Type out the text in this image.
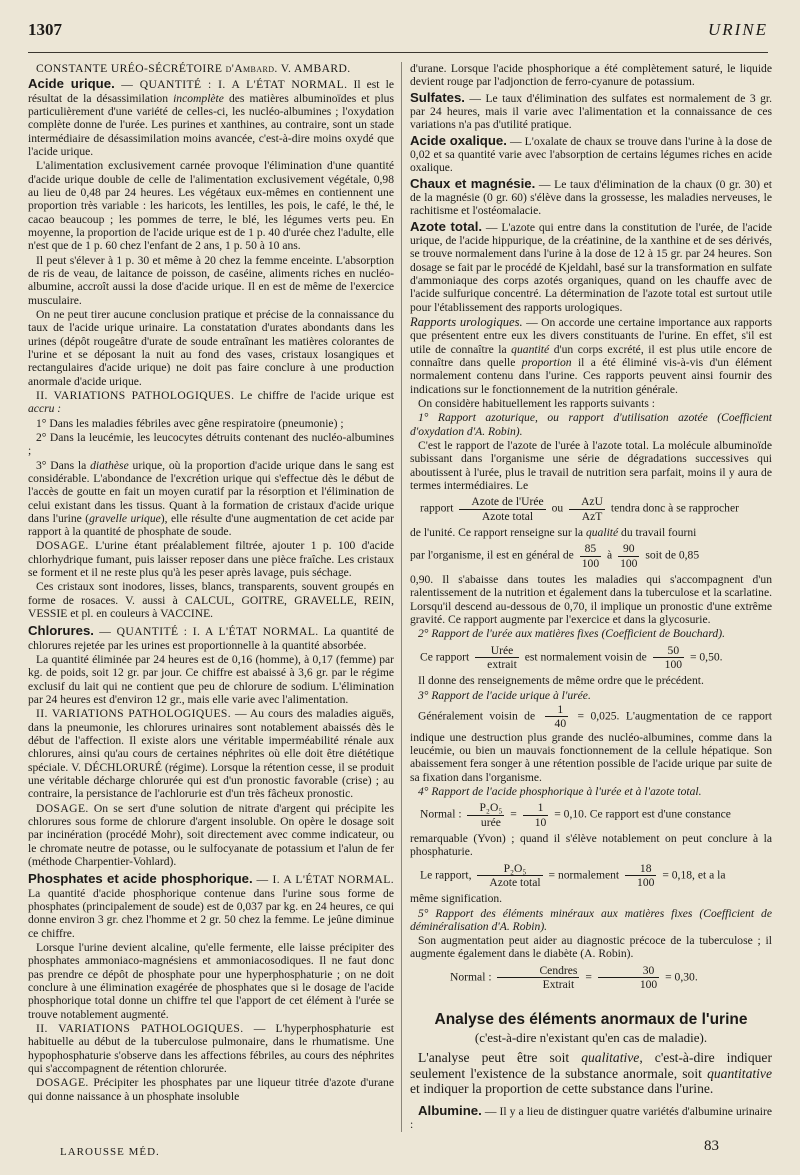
1307	URINE

CONSTANTE URÉO-SÉCRÉTOIRE d'Ambard. V. AMBARD.

Acide urique. — QUANTITÉ : I. A L'ÉTAT NORMAL. Il est le résultat de la désassimilation incomplète des matières albuminoïdes et plus particulièrement d'une variété de celles-ci, les nucléo-albumines ; l'oxydation complète donne de l'urée. Les purines et xanthines, au contraire, sont un stade intermédiaire de désassimilation moins avancée, c'est-à-dire moins oxydé que l'acide urique.

L'alimentation exclusivement carnée provoque l'élimination d'une quantité d'acide urique double de celle de l'alimentation exclusivement végétale, 0,98 au lieu de 0,48 par 24 heures. Les végétaux eux-mêmes en contiennent une proportion très variable : les haricots, les lentilles, les pois, le café, le thé, le cacao beaucoup ; les pommes de terre, le blé, les légumes verts peu. En moyenne, la proportion de l'acide urique est de 1 p. 40 d'urée chez l'adulte, elle n'est que de 1 p. 60 chez l'enfant de 2 ans, 1 p. 50 à 10 ans.

Il peut s'élever à 1 p. 30 et même à 20 chez la femme enceinte. L'absorption de ris de veau, de laitance de poisson, de caséine, aliments riches en nucléo-albumine, accroît aussi la dose d'acide urique. Il en est de même de l'exercice musculaire.

On ne peut tirer aucune conclusion pratique et précise de la connaissance du taux de l'acide urique urinaire. La constatation d'urates abondants dans les urines (dépôt rougeâtre d'urate de soude entraînant les matières colorantes de l'urine et se déposant la nuit au fond des vases, cristaux losangiques et rectangulaires d'acide urique) ne doit pas faire conclure à une production anormale d'acide urique.

II. VARIATIONS PATHOLOGIQUES. Le chiffre de l'acide urique est accru :

1° Dans les maladies fébriles avec gêne respiratoire (pneumonie) ;

2° Dans la leucémie, les leucocytes détruits contenant des nucléo-albumines ;

3° Dans la diathèse urique, où la proportion d'acide urique dans le sang est considérable. L'abondance de l'excrétion urique qui s'effectue dès le début de l'accès de goutte en fait un moyen curatif par la résorption et l'élimination de celui existant dans les tissus. Quant à la formation de cristaux d'acide urique dans l'urine (gravelle urique), elle résulte d'une augmentation de cet acide par rapport à la quantité de phosphate de soude.

DOSAGE. L'urine étant préalablement filtrée, ajouter 1 p. 100 d'acide chlorhydrique fumant, puis laisser reposer dans une pièce fraîche. Les cristaux se forment et il ne reste plus qu'à les peser après lavage, puis séchage.

Ces cristaux sont inodores, lisses, blancs, transparents, souvent groupés en forme de rosaces. V. aussi à CALCUL, GOITRE, GRAVELLE, REIN, VESSIE et pl. en couleurs à VACCINE.

Chlorures. — QUANTITÉ : I. A L'ÉTAT NORMAL. La quantité de chlorures rejetée par les urines est proportionnelle à la quantité absorbée.

La quantité éliminée par 24 heures est de 0,16 (homme), à 0,17 (femme) par kg. de poids, soit 12 gr. par jour. Ce chiffre est abaissé à 3,6 gr. par le régime exclusif du lait qui ne contient que peu de chlorure de sodium. L'élimination par 24 heures est d'environ 12 gr., mais elle varie avec l'alimentation.

II. VARIATIONS PATHOLOGIQUES. — Au cours des maladies aiguës, dans la pneumonie, les chlorures urinaires sont notablement abaissés dès le début de l'affection. Il existe alors une véritable imperméabilité rénale aux chlorures, ainsi qu'au cours de certaines néphrites où elle doit être diététique spéciale. V. DÉCHLORURÉ (régime). Lorsque la rétention cesse, il se produit une véritable décharge chlorurée qui est d'un pronostic favorable (crise) ; au contraire, la persistance de l'achlorurie est d'un très fâcheux pronostic.

DOSAGE. On se sert d'une solution de nitrate d'argent qui précipite les chlorures sous forme de chlorure d'argent insoluble. On opère le dosage soit par incinération (procédé Mohr), soit directement avec comme indicateur, ou le chromate neutre de potasse, ou le sulfocyanate de potassium et l'alun de fer (méthode Charpentier-Vohlard).

Phosphates et acide phosphorique. — I. A L'ÉTAT NORMAL. La quantité d'acide phosphorique contenue dans l'urine sous forme de phosphates (principalement de soude) est de 0,037 par kg. en 24 heures, ce qui donne environ 3 gr. chez l'homme et 2 gr. 50 chez la femme. Le jeûne diminue ce chiffre.

Lorsque l'urine devient alcaline, qu'elle fermente, elle laisse précipiter des phosphates ammoniaco-magnésiens et ammoniacosodiques. Il ne faut donc pas prendre ce dépôt de phosphate pour une hyperphosphaturie ; on ne doit conclure à une élimination exagérée de phosphates que si le dosage de l'acide phosphorique total donne un chiffre tel que l'apport de cet élément à l'urée se trouve notablement augmenté.

II. VARIATIONS PATHOLOGIQUES. — L'hyperphosphaturie est habituelle au début de la tuberculose pulmonaire, dans le rhumatisme. Une hypophosphaturie s'observe dans les affections fébriles, au cours des néphrites qui s'accompagnent de rétention chlorurée.

DOSAGE. Précipiter les phosphates par une liqueur titrée d'azote d'urane qui donne naissance à un phosphate insoluble

d'urane. Lorsque l'acide phosphorique a été complètement saturé, le liquide devient rouge par l'adjonction de ferro-cyanure de potassium.

Sulfates. — Le taux d'élimination des sulfates est normalement de 3 gr. par 24 heures, mais il varie avec l'alimentation et la connaissance de ces variations n'a pas d'utilité pratique.

Acide oxalique. — L'oxalate de chaux se trouve dans l'urine à la dose de 0,02 et sa quantité varie avec l'absorption de certains légumes riches en acide oxalique.

Chaux et magnésie. — Le taux d'élimination de la chaux (0 gr. 30) et de la magnésie (0 gr. 60) s'élève dans la grossesse, les maladies nerveuses, le rachitisme et l'ostéomalacie.

Azote total. — L'azote qui entre dans la constitution de l'urée, de l'acide urique, de l'acide hippurique, de la créatinine, de la xanthine et de ses dérivés, se trouve normalement dans l'urine à la dose de 12 à 15 gr. par 24 heures. Son dosage se fait par le procédé de Kjeldahl, basé sur la transformation en sulfate d'ammoniaque des corps azotés organiques, quand on les chauffe avec de l'acide sulfurique concentré. La détermination de l'azote total est surtout utile pour l'établissement des rapports urologiques.

Rapports urologiques. — On accorde une certaine importance aux rapports que présentent entre eux les divers constituants de l'urine. En effet, s'il est utile de connaître la quantité d'un corps excrété, il est plus utile encore de connaître dans quelle proportion il a été éliminé vis-à-vis d'un élément normalement contenu dans l'urine. Ces rapports peuvent ainsi fournir des indications sur le fonctionnement de la nutrition générale.

On considère habituellement les rapports suivants :

1° Rapport azoturique, ou rapport d'utilisation azotée (Coefficient d'oxydation d'A. Robin).

C'est le rapport de l'azote de l'urée à l'azote total. La molécule albuminoïde subissant dans l'organisme une série de dégradations successives qui aboutissent à l'urée, plus le travail de nutrition sera parfait, moins il y aura de termes intermédiaires. Le

rapport $\frac{\text{Azote de l'Urée}}{\text{Azote total}}$ ou $\frac{\text{AzU}}{\text{AzT}}$ tendra donc à se rapprocher

de l'unité. Ce rapport renseigne sur la qualité du travail fourni

par l'organisme, il est en général de $\frac{85}{100}$ à $\frac{90}{100}$ soit de 0,85

0,90. Il s'abaisse dans toutes les maladies qui s'accompagnent d'un ralentissement de la nutrition et également dans la tuberculose et la scarlatine. Lorsqu'il descend au-dessous de 0,70, il implique un pronostic d'une extrême gravité. Ce rapport augmente par l'exercice et dans la glycosurie.

2° Rapport de l'urée aux matières fixes (Coefficient de Bouchard).

Ce rapport $\frac{\text{Urée}}{\text{extrait}}$ est normalement voisin de $\frac{50}{100} = 0,50$.

Il donne des renseignements de même ordre que le précédent.

3° Rapport de l'acide urique à l'urée.

Généralement voisin de $\frac{1}{40} = 0,025$. L'augmentation de ce rapport indique une destruction plus grande des nucléo-albumines, comme dans la leucémie, ou bien un mauvais fonctionnement de la cellule hépatique. Son abaissement fera songer à une rétention possible de l'acide urique par suite de sa fixation dans l'organisme.

4° Rapport de l'acide phosphorique à l'urée et à l'azote total.

Normal : $\frac{\text{P₂O₅}}{\text{urée}} = \frac{1}{10} = 0,10$. Ce rapport est d'une constance

remarquable (Yvon) ; quand il s'élève notablement on peut conclure à la phosphaturie.

Le rapport, $\frac{\text{P₂O₅}}{\text{Azote total}}$ = normalement $\frac{18}{100} = 0,18$, et a la

même signification.

5° Rapport des éléments minéraux aux matières fixes (Coefficient de déminéralisation d'A. Robin).

Son augmentation peut aider au diagnostic précoce de la tuberculose ; il augmente également dans le diabète (A. Robin).

Normal : $\frac{\text{Cendres}}{\text{Extrait}} = \frac{30}{100} = 0,30$.

Analyse des éléments anormaux de l'urine

(c'est-à-dire n'existant qu'en cas de maladie).

L'analyse peut être soit qualitative, c'est-à-dire indiquer seulement l'existence de la substance anormale, soit quantitative et indiquer la proportion de cette substance dans l'urine.

Albumine. — Il y a lieu de distinguer quatre variétés d'albumine urinaire :

LAROUSSE MÉD.	83
